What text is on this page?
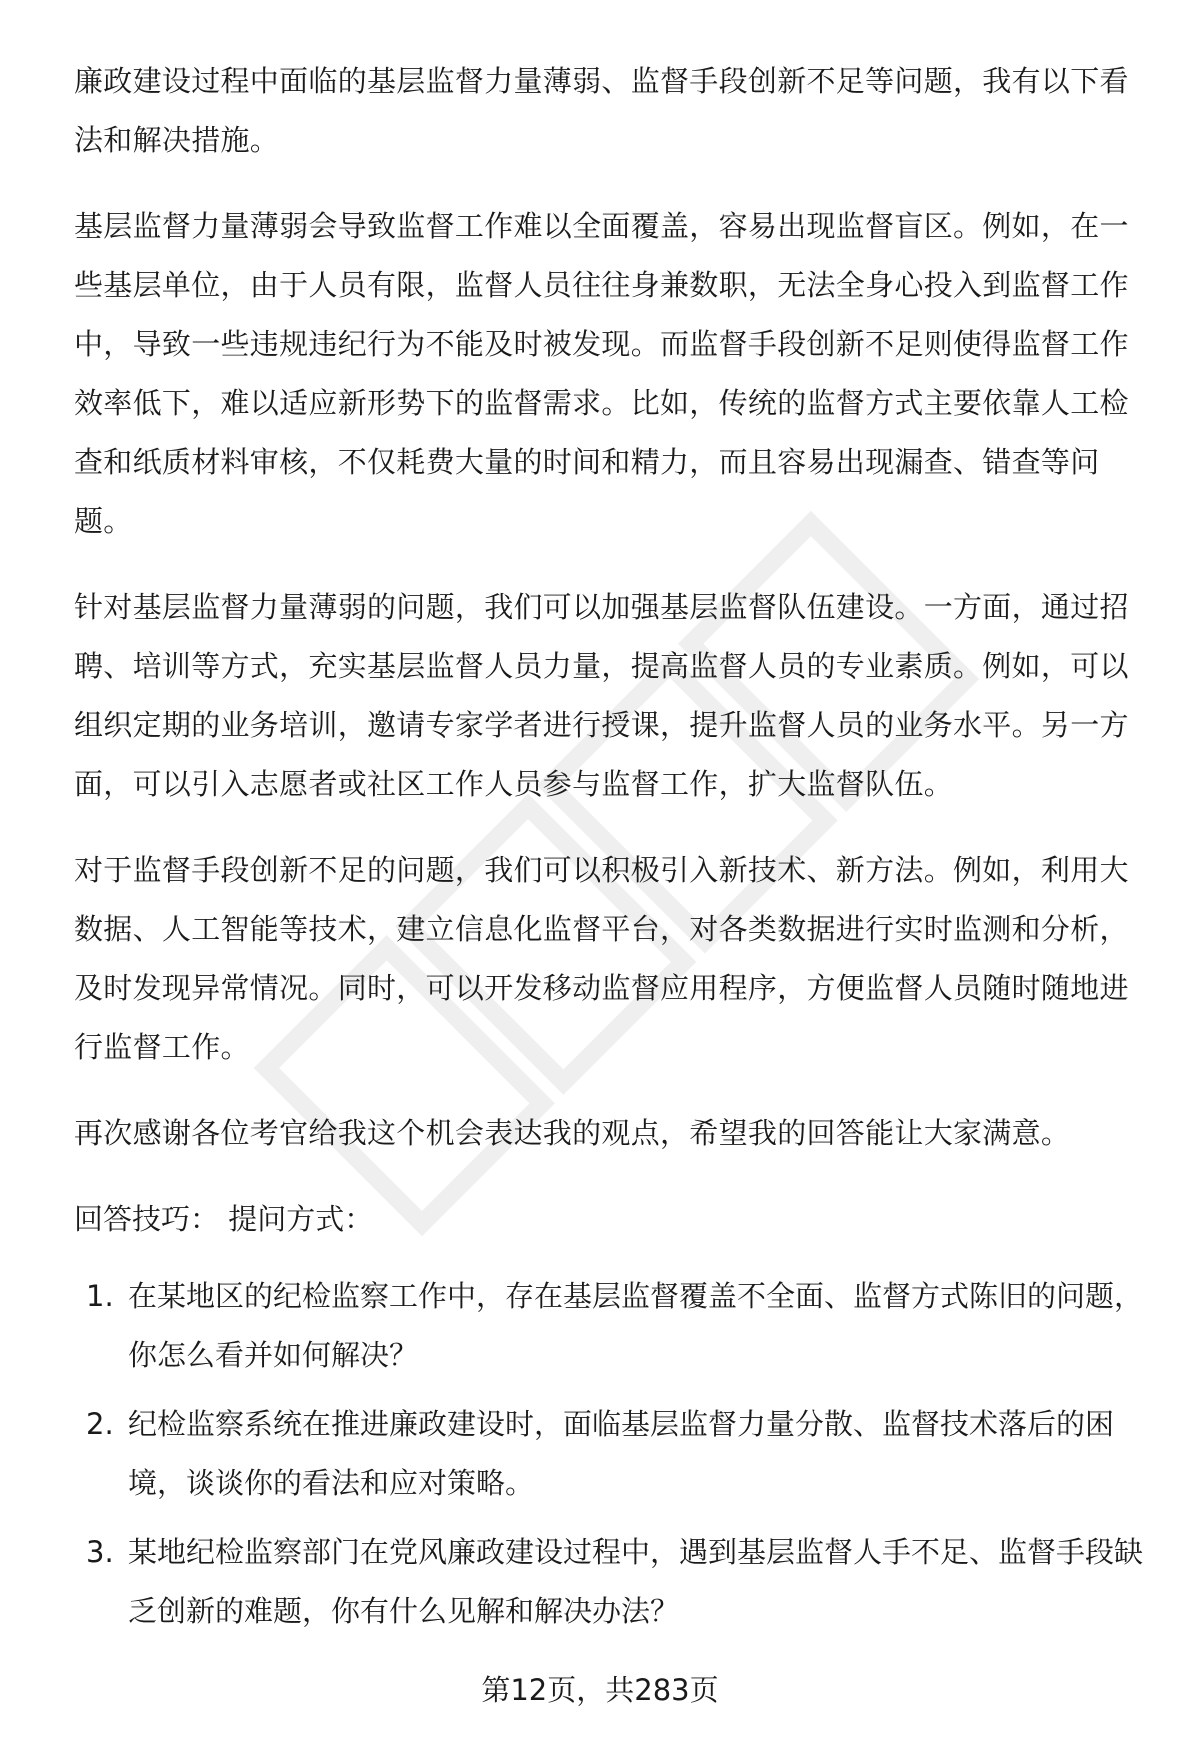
廉政建设过程中面临的基层监督力量薄弱、监督手段创新不足等问题，我有以下看法和解决措施。

基层监督力量薄弱会导致监督工作难以全面覆盖，容易出现监督盲区。例如，在一些基层单位，由于人员有限，监督人员往往身兼数职，无法全身心投入到监督工作中，导致一些违规违纪行为不能及时被发现。而监督手段创新不足则使得监督工作效率低下，难以适应新形势下的监督需求。比如，传统的监督方式主要依靠人工检查和纸质材料审核，不仅耗费大量的时间和精力，而且容易出现漏查、错查等问题。

针对基层监督力量薄弱的问题，我们可以加强基层监督队伍建设。一方面，通过招聘、培训等方式，充实基层监督人员力量，提高监督人员的专业素质。例如，可以组织定期的业务培训，邀请专家学者进行授课，提升监督人员的业务水平。另一方面，可以引入志愿者或社区工作人员参与监督工作，扩大监督队伍。

对于监督手段创新不足的问题，我们可以积极引入新技术、新方法。例如，利用大数据、人工智能等技术，建立信息化监督平台，对各类数据进行实时监测和分析，及时发现异常情况。同时，可以开发移动监督应用程序，方便监督人员随时随地进行监督工作。

再次感谢各位考官给我这个机会表达我的观点，希望我的回答能让大家满意。

回答技巧： 提问方式：
1. 在某地区的纪检监察工作中，存在基层监督覆盖不全面、监督方式陈旧的问题，你怎么看并如何解决？
2. 纪检监察系统在推进廉政建设时，面临基层监督力量分散、监督技术落后的困境，谈谈你的看法和应对策略。
3. 某地纪检监察部门在党风廉政建设过程中，遇到基层监督人手不足、监督手段缺乏创新的难题，你有什么见解和解决办法？
第12页，共283页
